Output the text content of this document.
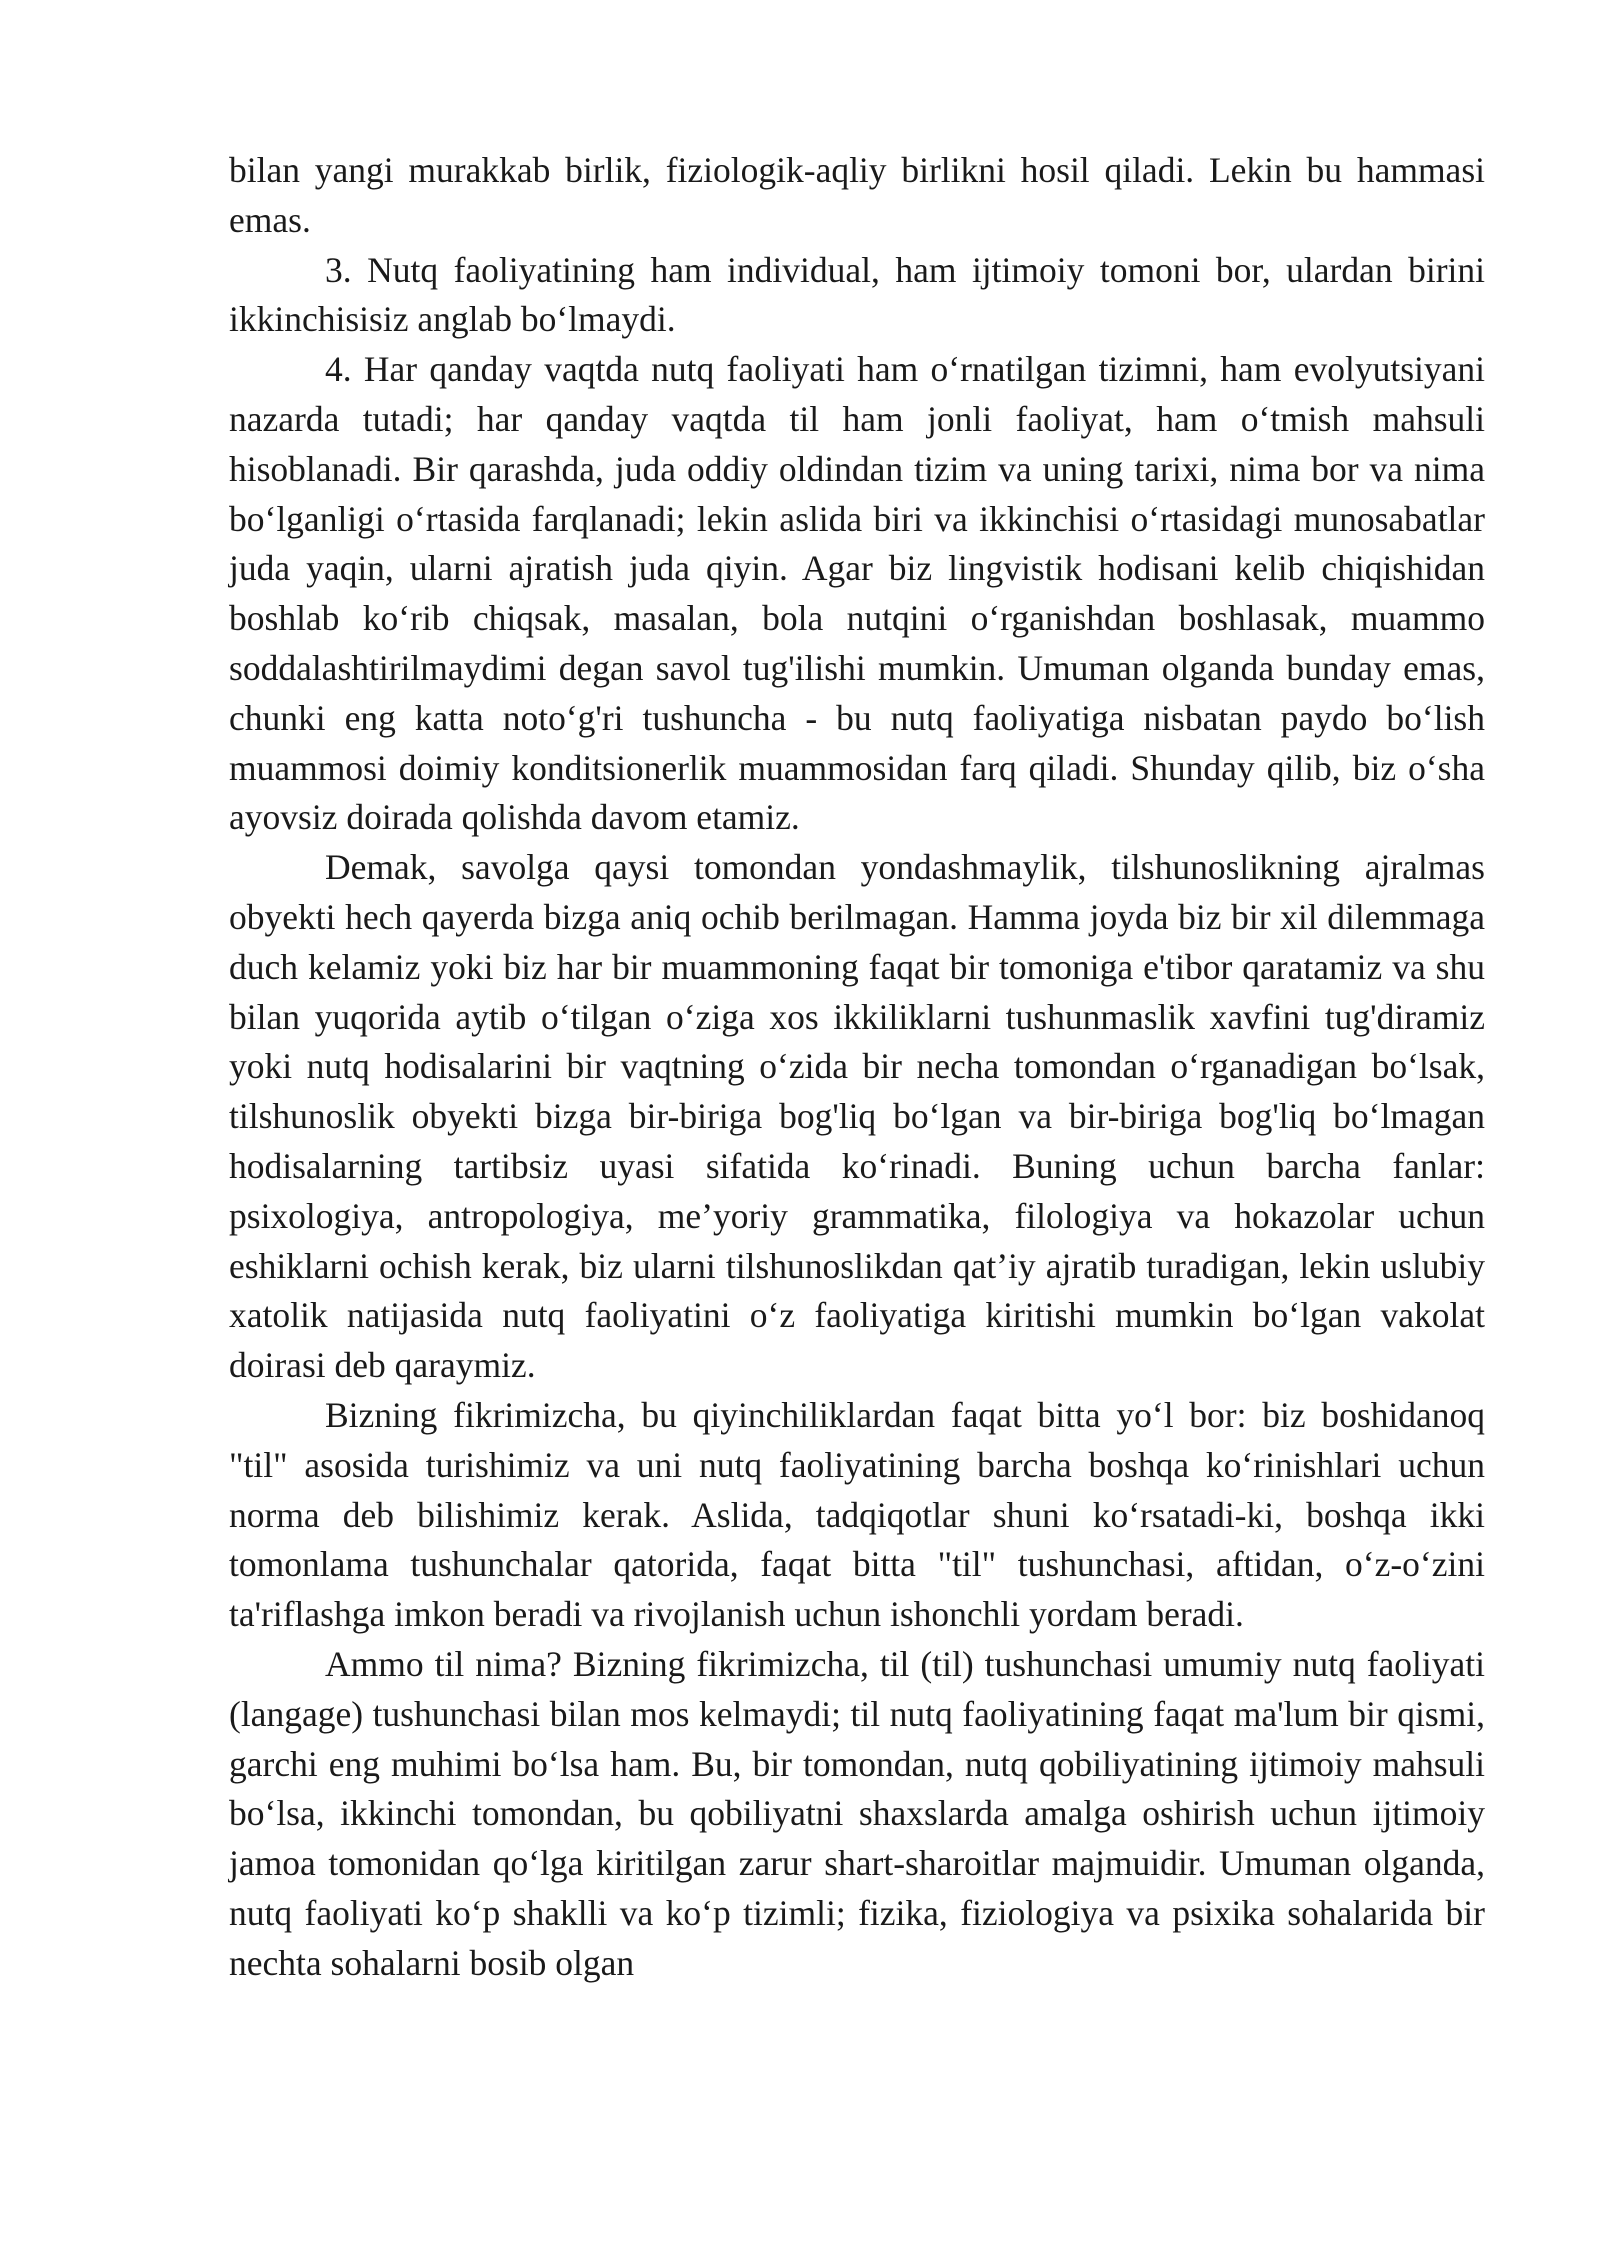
bilan yangi murakkab birlik, fiziologik-aqliy birlikni hosil qiladi. Lekin bu hammasi emas.

3. Nutq faoliyatining ham individual, ham ijtimoiy tomoni bor, ulardan birini ikkinchisisiz anglab bo‘lmaydi.

4. Har qanday vaqtda nutq faoliyati ham o‘rnatilgan tizimni, ham evolyutsiyani nazarda tutadi; har qanday vaqtda til ham jonli faoliyat, ham o‘tmish mahsuli hisoblanadi. Bir qarashda, juda oddiy oldindan tizim va uning tarixi, nima bor va nima bo‘lganligi o‘rtasida farqlanadi; lekin aslida biri va ikkinchisi o‘rtasidagi munosabatlar juda yaqin, ularni ajratish juda qiyin. Agar biz lingvistik hodisani kelib chiqishidan boshlab ko‘rib chiqsak, masalan, bola nutqini o‘rganishdan boshlasak, muammo soddalashtirilmaydimi degan savol tug'ilishi mumkin. Umuman olganda bunday emas, chunki eng katta noto‘g'ri tushuncha - bu nutq faoliyatiga nisbatan paydo bo‘lish muammosi doimiy konditsionerlik muammosidan farq qiladi. Shunday qilib, biz o‘sha ayovsiz doirada qolishda davom etamiz.

Demak, savolga qaysi tomondan yondashmaylik, tilshunoslikning ajralmas obyekti hech qayerda bizga aniq ochib berilmagan. Hamma joyda biz bir xil dilemmaga duch kelamiz yoki biz har bir muammoning faqat bir tomoniga e'tibor qaratamiz va shu bilan yuqorida aytib o‘tilgan o‘ziga xos ikkiliklarni tushunmaslik xavfini tug'diramiz yoki nutq hodisalarini bir vaqtning o‘zida bir necha tomondan o‘rganadigan bo‘lsak, tilshunoslik obyekti bizga bir-biriga bog'liq bo‘lgan va bir-biriga bog'liq bo‘lmagan hodisalarning tartibsiz uyasi sifatida ko‘rinadi. Buning uchun barcha fanlar: psixologiya, antropologiya, me’yoriy grammatika, filologiya va hokazolar uchun eshiklarni ochish kerak, biz ularni tilshunoslikdan qat’iy ajratib turadigan, lekin uslubiy xatolik natijasida nutq faoliyatini o‘z faoliyatiga kiritishi mumkin bo‘lgan vakolat doirasi deb qaraymiz.

Bizning fikrimizcha, bu qiyinchiliklardan faqat bitta yo‘l bor: biz boshidanoq "til" asosida turishimiz va uni nutq faoliyatining barcha boshqa ko‘rinishlari uchun norma deb bilishimiz kerak. Aslida, tadqiqotlar shuni ko‘rsatadi-ki, boshqa ikki tomonlama tushunchalar qatorida, faqat bitta "til" tushunchasi, aftidan, o‘z-o‘zini ta'riflashga imkon beradi va rivojlanish uchun ishonchli yordam beradi.

Ammo til nima? Bizning fikrimizcha, til (til) tushunchasi umumiy nutq faoliyati (langage) tushunchasi bilan mos kelmaydi; til nutq faoliyatining faqat ma'lum bir qismi, garchi eng muhimi bo‘lsa ham. Bu, bir tomondan, nutq qobiliyatining ijtimoiy mahsuli bo‘lsa, ikkinchi tomondan, bu qobiliyatni shaxslarda amalga oshirish uchun ijtimoiy jamoa tomonidan qo‘lga kiritilgan zarur shart-sharoitlar majmuidir. Umuman olganda, nutq faoliyati ko‘p shaklli va ko‘p tizimli; fizika, fiziologiya va psixika sohalarida bir nechta sohalarni bosib olgan
